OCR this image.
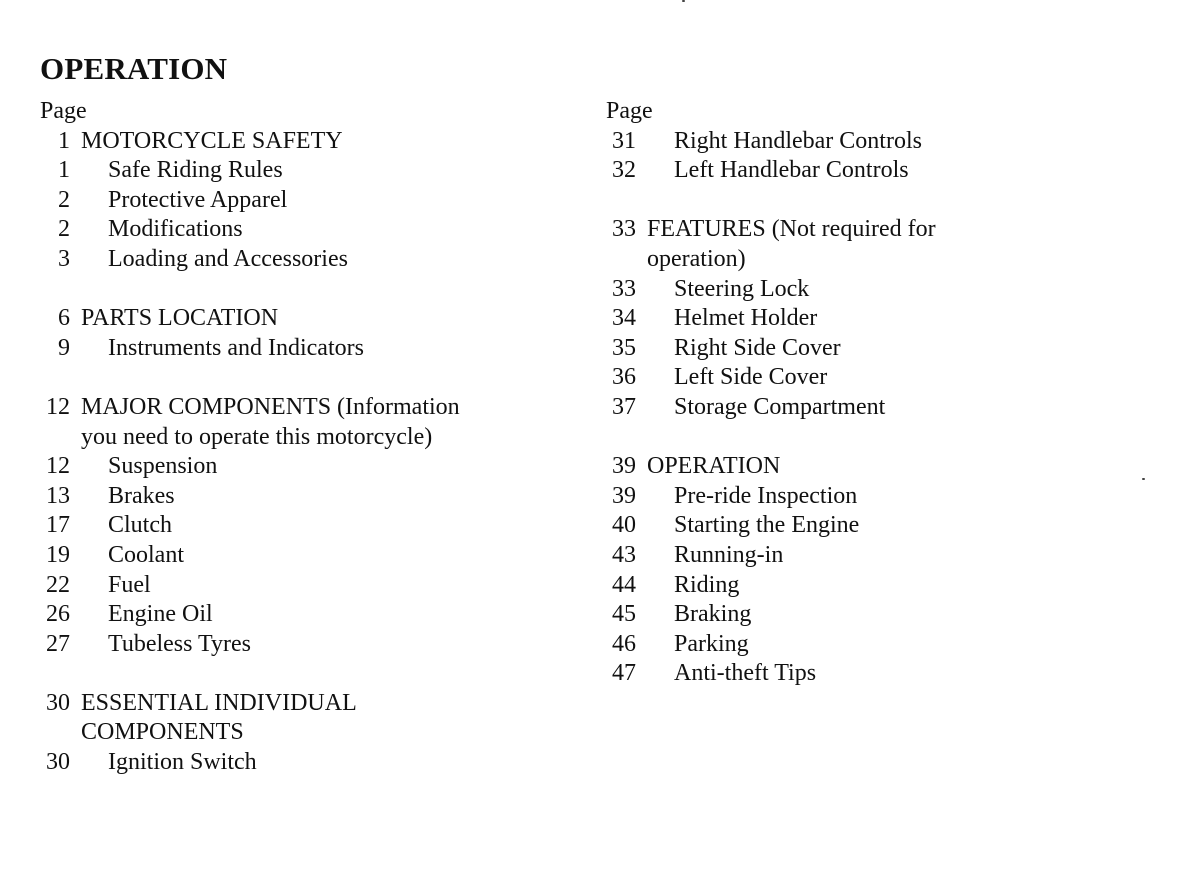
OPERATION
Page
1 MOTORCYCLE SAFETY
1	Safe Riding Rules
2	Protective Apparel
2	Modifications
3	Loading and Accessories
6 PARTS LOCATION
9	Instruments and Indicators
12 MAJOR COMPONENTS (Information
you need to operate this motorcycle)
12	Suspension
13	Brakes
17	Clutch
19	Coolant
22	Fuel
26	Engine Oil
27	Tubeless Tyres
30 ESSENTIAL INDIVIDUAL
COMPONENTS
30	Ignition Switch
Page
31	Right Handlebar Controls
32	Left Handlebar Controls
33 FEATURES (Not required for
operation)
33	Steering Lock
34	Helmet Holder
35	Right Side Cover
36	Left Side Cover
37	Storage Compartment
39 OPERATION
39	Pre-ride Inspection
40	Starting the Engine
43	Running-in
44	Riding
45	Braking
46	Parking
47	Anti-theft Tips
